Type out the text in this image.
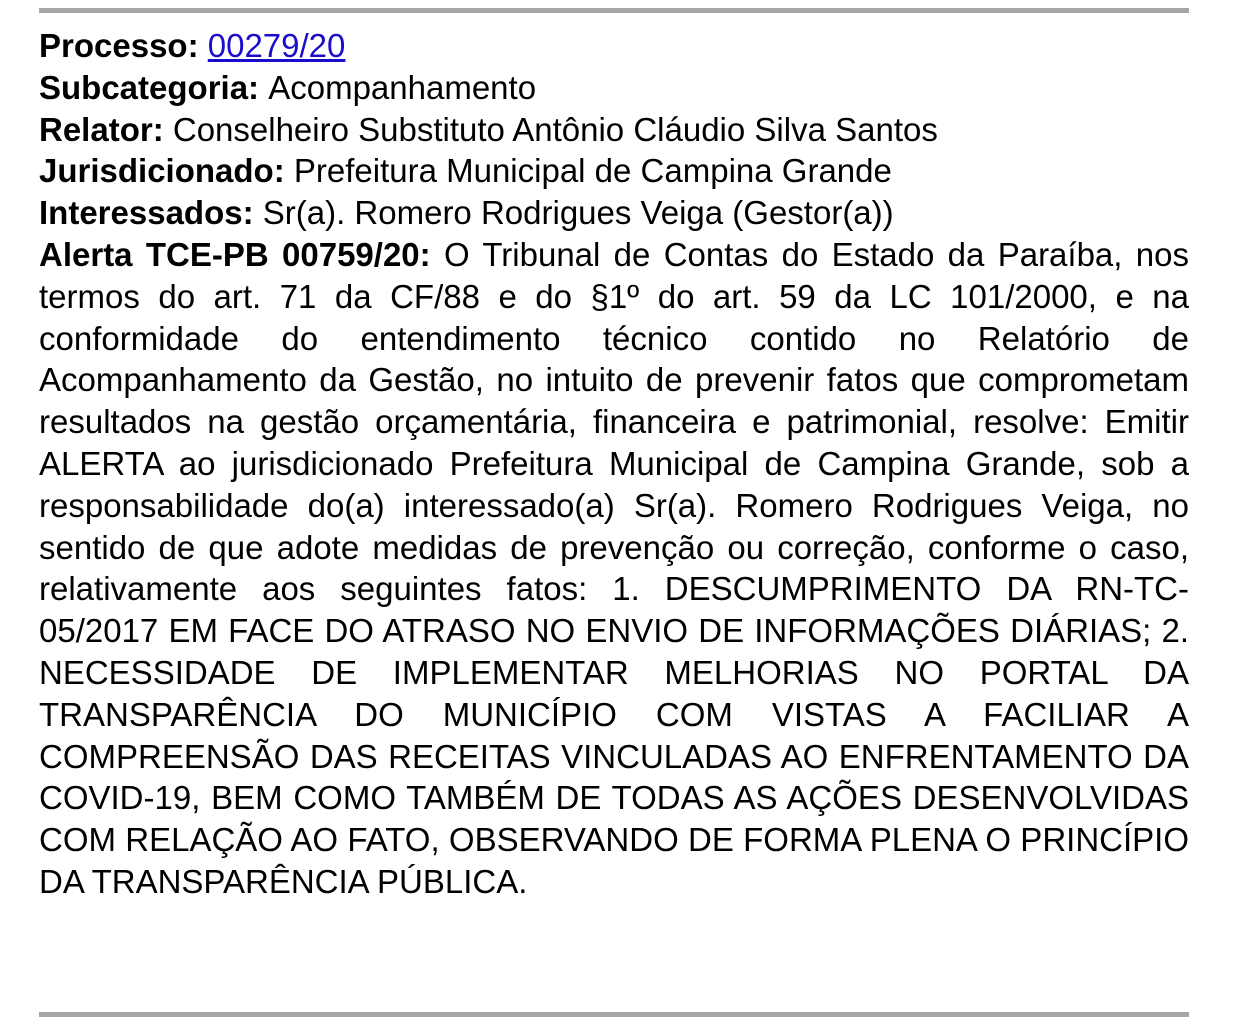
Processo: 00279/20
Subcategoria: Acompanhamento
Relator: Conselheiro Substituto Antônio Cláudio Silva Santos
Jurisdicionado: Prefeitura Municipal de Campina Grande
Interessados: Sr(a). Romero Rodrigues Veiga (Gestor(a))
Alerta TCE-PB 00759/20: O Tribunal de Contas do Estado da Paraíba, nos termos do art. 71 da CF/88 e do §1º do art. 59 da LC 101/2000, e na conformidade do entendimento técnico contido no Relatório de Acompanhamento da Gestão, no intuito de prevenir fatos que comprometam resultados na gestão orçamentária, financeira e patrimonial, resolve: Emitir ALERTA ao jurisdicionado Prefeitura Municipal de Campina Grande, sob a responsabilidade do(a) interessado(a) Sr(a). Romero Rodrigues Veiga, no sentido de que adote medidas de prevenção ou correção, conforme o caso, relativamente aos seguintes fatos: 1. DESCUMPRIMENTO DA RN-TC-05/2017 EM FACE DO ATRASO NO ENVIO DE INFORMAÇÕES DIÁRIAS; 2. NECESSIDADE DE IMPLEMENTAR MELHORIAS NO PORTAL DA TRANSPARÊNCIA DO MUNICÍPIO COM VISTAS A FACILIAR A COMPREENSÃO DAS RECEITAS VINCULADAS AO ENFRENTAMENTO DA COVID-19, BEM COMO TAMBÉM DE TODAS AS AÇÕES DESENVOLVIDAS COM RELAÇÃO AO FATO, OBSERVANDO DE FORMA PLENA O PRINCÍPIO DA TRANSPARÊNCIA PÚBLICA.
